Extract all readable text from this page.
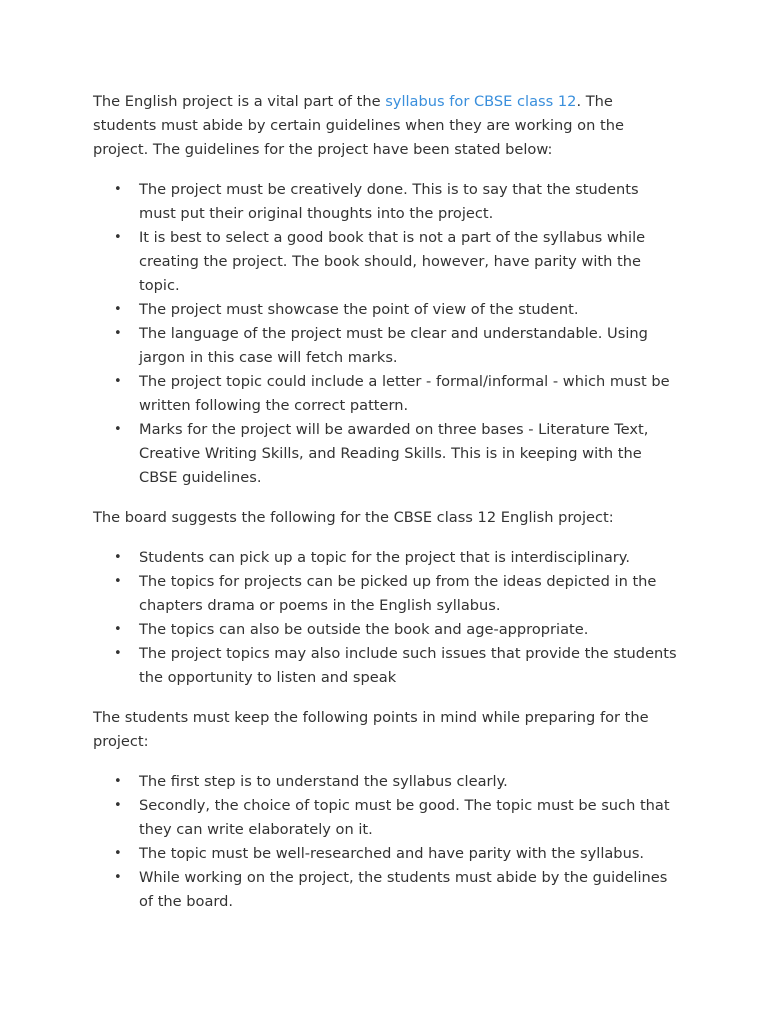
The English project is a vital part of the syllabus for CBSE class 12. The students must abide by certain guidelines when they are working on the project. The guidelines for the project have been stated below:

• The project must be creatively done. This is to say that the students must put their original thoughts into the project.
• It is best to select a good book that is not a part of the syllabus while creating the project. The book should, however, have parity with the topic.
• The project must showcase the point of view of the student.
• The language of the project must be clear and understandable. Using jargon in this case will fetch marks.
• The project topic could include a letter - formal/informal - which must be written following the correct pattern.
• Marks for the project will be awarded on three bases - Literature Text, Creative Writing Skills, and Reading Skills. This is in keeping with the CBSE guidelines.

The board suggests the following for the CBSE class 12 English project:

• Students can pick up a topic for the project that is interdisciplinary.
• The topics for projects can be picked up from the ideas depicted in the chapters drama or poems in the English syllabus.
• The topics can also be outside the book and age-appropriate.
• The project topics may also include such issues that provide the students the opportunity to listen and speak

The students must keep the following points in mind while preparing for the project:

• The first step is to understand the syllabus clearly.
• Secondly, the choice of topic must be good. The topic must be such that they can write elaborately on it.
• The topic must be well-researched and have parity with the syllabus.
• While working on the project, the students must abide by the guidelines of the board.
